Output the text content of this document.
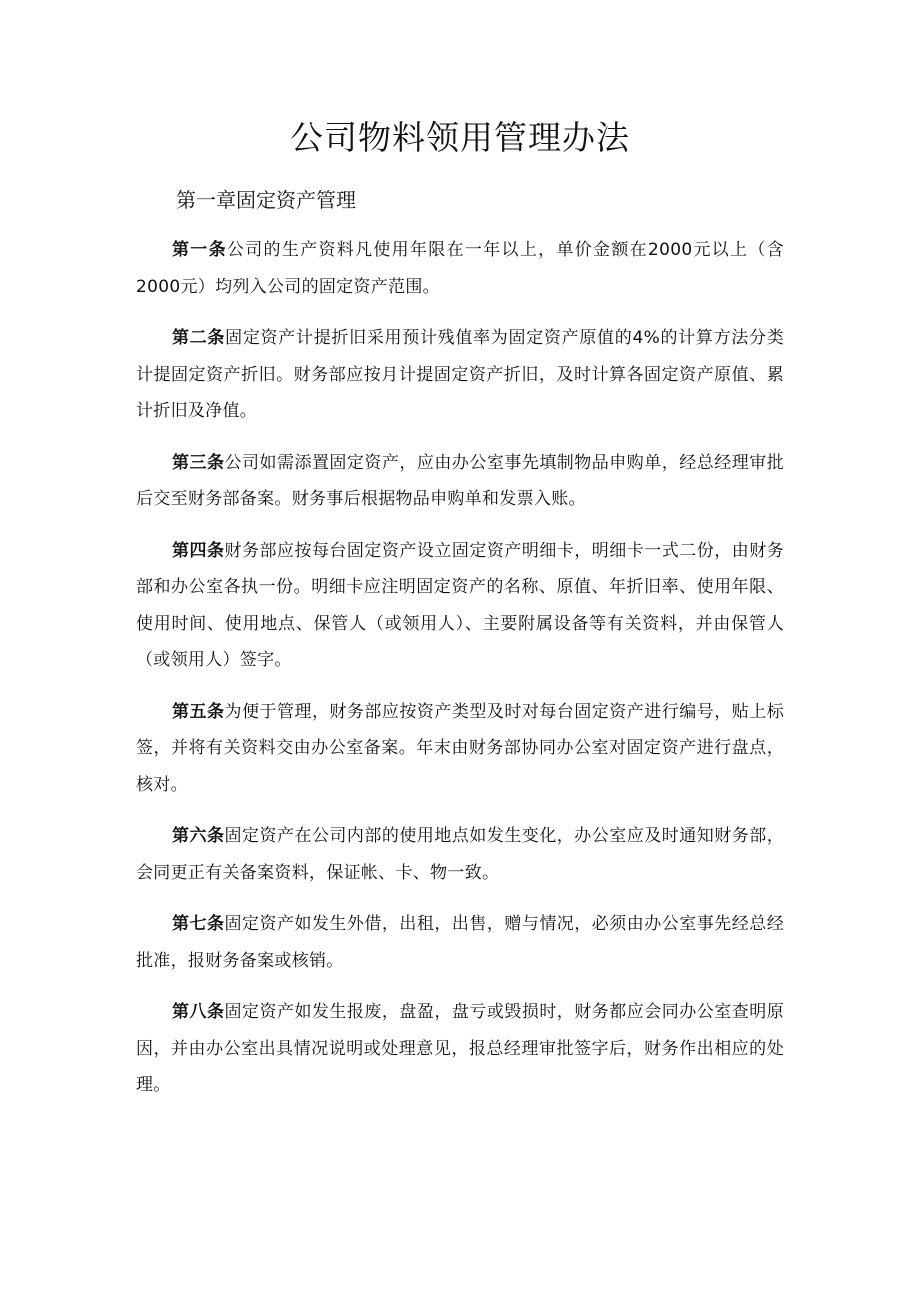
公司物料领用管理办法
第一章固定资产管理

第一条公司的生产资料凡使用年限在一年以上，单价金额在2000元以上（含2000元）均列入公司的固定资产范围。

第二条固定资产计提折旧采用预计残值率为固定资产原值的4%的计算方法分类计提固定资产折旧。财务部应按月计提固定资产折旧，及时计算各固定资产原值、累计折旧及净值。

第三条公司如需添置固定资产，应由办公室事先填制物品申购单，经总经理审批后交至财务部备案。财务事后根据物品申购单和发票入账。

第四条财务部应按每台固定资产设立固定资产明细卡，明细卡一式二份，由财务部和办公室各执一份。明细卡应注明固定资产的名称、原值、年折旧率、使用年限、使用时间、使用地点、保管人（或领用人）、主要附属设备等有关资料，并由保管人（或领用人）签字。

第五条为便于管理，财务部应按资产类型及时对每台固定资产进行编号，贴上标签，并将有关资料交由办公室备案。年末由财务部协同办公室对固定资产进行盘点，核对。

第六条固定资产在公司内部的使用地点如发生变化，办公室应及时通知财务部，会同更正有关备案资料，保证帐、卡、物一致。

第七条固定资产如发生外借，出租，出售，赠与情况，必须由办公室事先经总经批准，报财务备案或核销。

第八条固定资产如发生报废，盘盈，盘亏或毁损时，财务都应会同办公室查明原因，并由办公室出具情况说明或处理意见，报总经理审批签字后，财务作出相应的处理。
